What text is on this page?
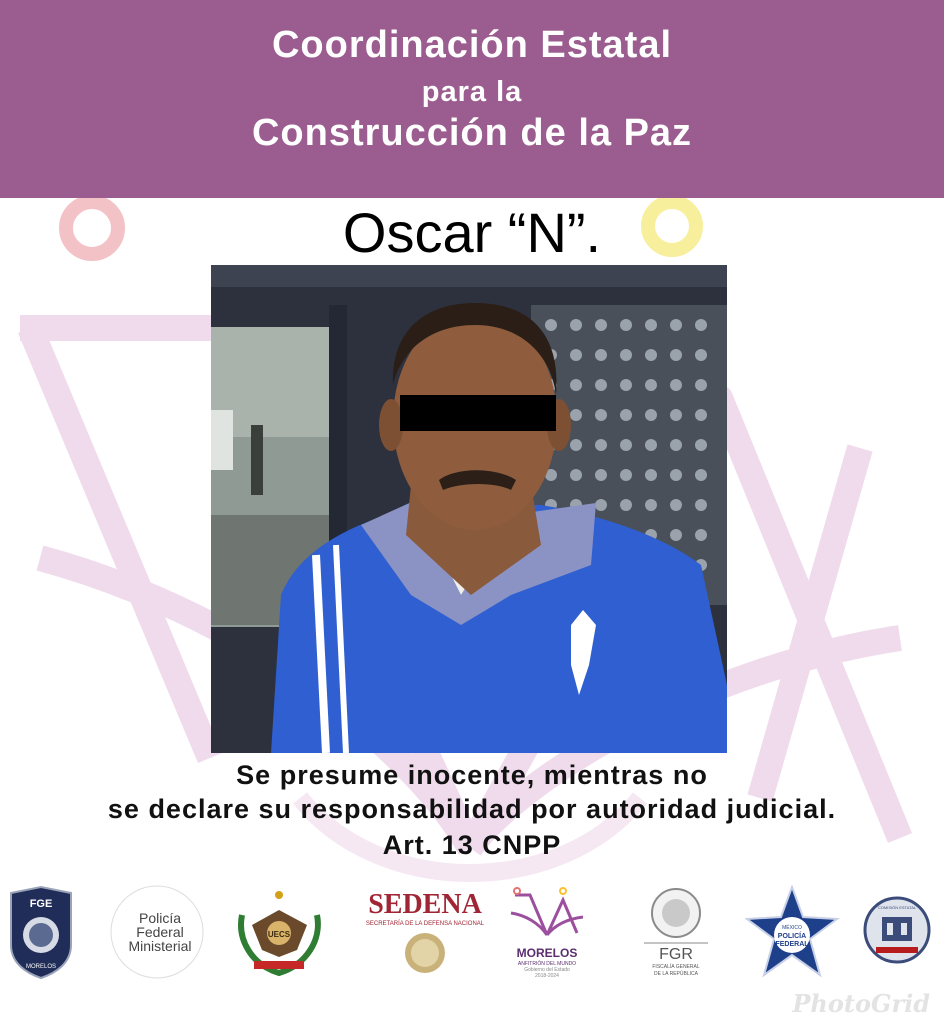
Coordinación Estatal
para la
Construcción de la Paz
Oscar “N”.
Se presume inocente, mientras no
se declare su responsabilidad por autoridad judicial.
Art. 13 CNPP
FGE
MORELOS
Policía
Federal
Ministerial
UECS
SEDENA
SECRETARÍA DE LA DEFENSA NACIONAL
MORELOS
ANFITRIÓN DEL MUNDO
Gobierno del Estado
2018-2024
FGR
FISCALÍA GENERAL
DE LA REPÚBLICA
MÉXICO
POLICÍA
FEDERAL
COMISIÓN ESTATAL
PhotoGrid
